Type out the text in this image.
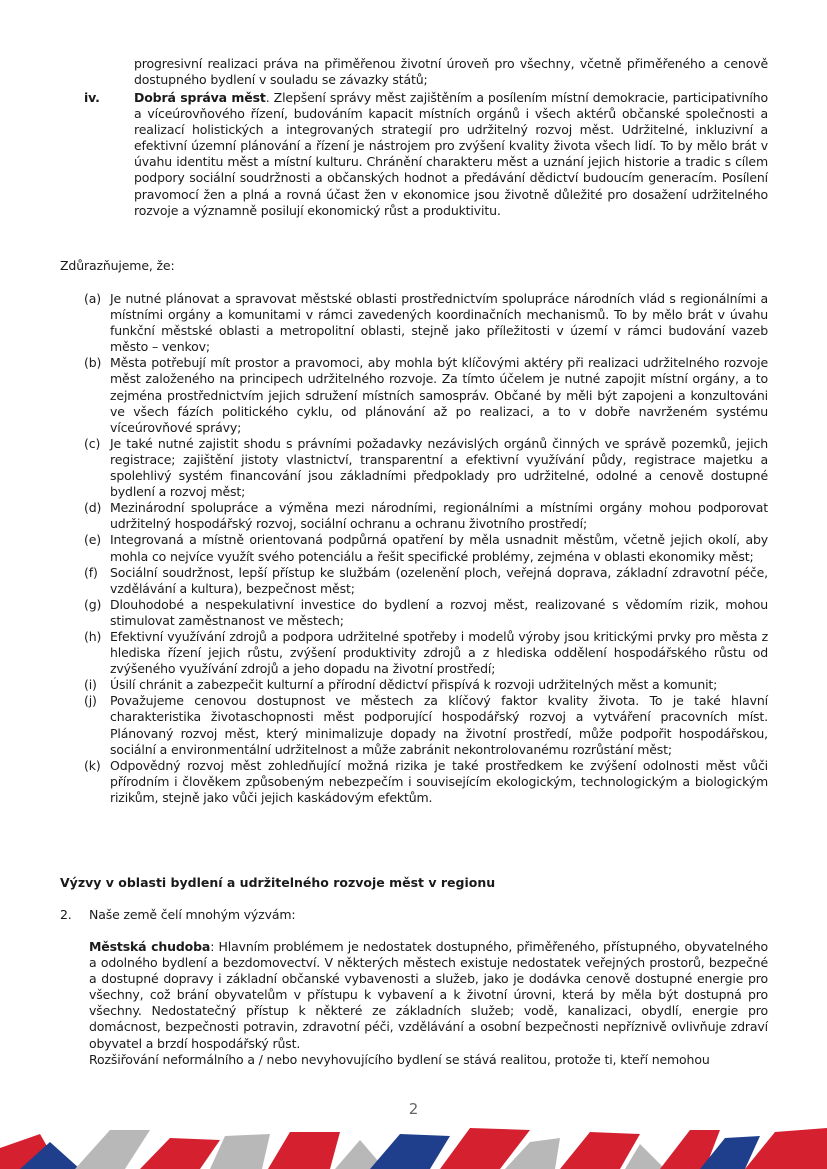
progresivní realizaci práva na přiměřenou životní úroveň pro všechny, včetně přiměřeného a cenově dostupného bydlení v souladu se závazky států;

iv.	Dobrá správa měst. Zlepšení správy měst zajištěním a posílením místní demokracie, participativního a víceúrovňového řízení, budováním kapacit místních orgánů i všech aktérů občanské společnosti a realizací holistických a integrovaných strategií pro udržitelný rozvoj měst. Udržitelné, inkluzivní a efektivní územní plánování a řízení je nástrojem pro zvýšení kvality života všech lidí. To by mělo brát v úvahu identitu měst a místní kulturu. Chránění charakteru měst a uznání jejich historie a tradic s cílem podpory sociální soudržnosti a občanských hodnot a předávání dědictví budoucím generacím. Posílení pravomocí žen a plná a rovná účast žen v ekonomice jsou životně důležité pro dosažení udržitelného rozvoje a významně posilují ekonomický růst a produktivitu.

Zdůrazňujeme, že:

(a) Je nutné plánovat a spravovat městské oblasti prostřednictvím spolupráce národních vlád s regionálními a místními orgány a komunitami v rámci zavedených koordinačních mechanismů. To by mělo brát v úvahu funkční městské oblasti a metropolitní oblasti, stejně jako příležitosti v území v rámci budování vazeb město – venkov;

(b) Města potřebují mít prostor a pravomoci, aby mohla být klíčovými aktéry při realizaci udržitelného rozvoje měst založeného na principech udržitelného rozvoje. Za tímto účelem je nutné zapojit místní orgány, a to zejména prostřednictvím jejich sdružení místních samospráv. Občané by měli být zapojeni a konzultováni ve všech fázích politického cyklu, od plánování až po realizaci, a to v dobře navrženém systému víceúrovňové správy;

(c) Je také nutné zajistit shodu s právními požadavky nezávislých orgánů činných ve správě pozemků, jejich registrace; zajištění jistoty vlastnictví, transparentní a efektivní využívání půdy, registrace majetku a spolehlivý systém financování jsou základními předpoklady pro udržitelné, odolné a cenově dostupné bydlení a rozvoj měst;

(d) Mezinárodní spolupráce a výměna mezi národními, regionálními a místními orgány mohou podporovat udržitelný hospodářský rozvoj, sociální ochranu a ochranu životního prostředí;

(e) Integrovaná a místně orientovaná podpůrná opatření by měla usnadnit městům, včetně jejich okolí, aby mohla co nejvíce využít svého potenciálu a řešit specifické problémy, zejména v oblasti ekonomiky měst;

(f) Sociální soudržnost, lepší přístup ke službám (ozelenění ploch, veřejná doprava, základní zdravotní péče, vzdělávání a kultura), bezpečnost měst;

(g) Dlouhodobé a nespekulativní investice do bydlení a rozvoj měst, realizované s vědomím rizik, mohou stimulovat zaměstnanost ve městech;

(h) Efektivní využívání zdrojů a podpora udržitelné spotřeby i modelů výroby jsou kritickými prvky pro města z hlediska řízení jejich růstu, zvýšení produktivity zdrojů a z hlediska oddělení hospodářského růstu od zvýšeného využívání zdrojů a jeho dopadu na životní prostředí;

(i) Úsilí chránit a zabezpečit kulturní a přírodní dědictví přispívá k rozvoji udržitelných měst a komunit;

(j) Považujeme cenovou dostupnost ve městech za klíčový faktor kvality života. To je také hlavní charakteristika životaschopnosti měst podporující hospodářský rozvoj a vytváření pracovních míst. Plánovaný rozvoj měst, který minimalizuje dopady na životní prostředí, může podpořit hospodářskou, sociální a environmentální udržitelnost a může zabránit nekontrolovanému rozrůstání měst;

(k) Odpovědný rozvoj měst zohledňující možná rizika je také prostředkem ke zvýšení odolnosti měst vůči přírodním i člověkem způsobeným nebezpečím i souvisejícím ekologickým, technologickým a biologickým rizikům, stejně jako vůči jejich kaskádovým efektům.

Výzvy v oblasti bydlení a udržitelného rozvoje měst v regionu
2. Naše země čelí mnohým výzvám:

Městská chudoba: Hlavním problémem je nedostatek dostupného, přiměřeného, přístupného, obyvatelného a odolného bydlení a bezdomovectví. V některých městech existuje nedostatek veřejných prostorů, bezpečné a dostupné dopravy i základní občanské vybavenosti a služeb, jako je dodávka cenově dostupné energie pro všechny, což brání obyvatelům v přístupu k vybavení a k životní úrovni, která by měla být dostupná pro všechny. Nedostatečný přístup k některé ze základních služeb; vodě, kanalizaci, obydlí, energie pro domácnost, bezpečnosti potravin, zdravotní péči, vzdělávání a osobní bezpečnosti nepříznivě ovlivňuje zdraví obyvatel a brzdí hospodářský růst.

Rozšiřování neformálního a / nebo nevyhovujícího bydlení se stává realitou, protože ti, kteří nemohou

2
